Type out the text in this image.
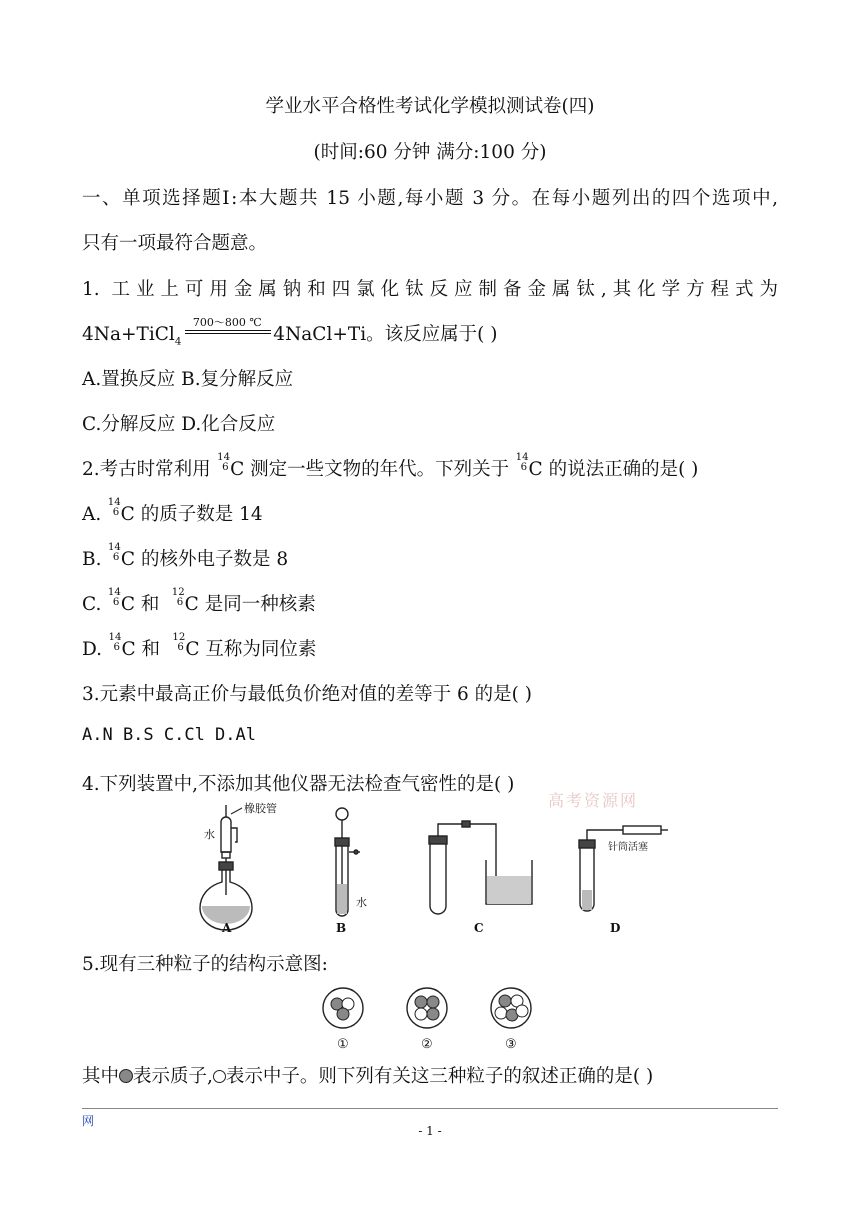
学业水平合格性考试化学模拟测试卷(四)
(时间:60 分钟 满分:100 分)
一、单项选择题Ⅰ:本大题共 15 小题,每小题 3 分。在每小题列出的四个选项中,
只有一项最符合题意。
1. 工业上可用金属钠和四氯化钛反应制备金属钛,其化学方程式为
4Na+TiCl$_4$
700～800 ℃
4NaCl+Ti。该反应属于( )
A.置换反应 B.复分解反应
C.分解反应 D.化合反应
2.考古时常利用
14
6 C 测定一些文物的年代。下列关于
14
6 C 的说法正确的是( )
A.
14
6 C 的质子数是 14
B.
14
6 C 的核外电子数是 8
C.
14
6 C 和
12
6 C 是同一种核素
D.
14
6 C 和
12
6 C 互称为同位素
3.元素中最高正价与最低负价绝对值的差等于 6 的是( )
A.N B.S C.Cl D.Al
4.下列装置中,不添加其他仪器无法检查气密性的是( )
高考资源网
水
橡胶管
A
水
B	C
针筒活塞
D
5.现有三种粒子的结构示意图:
①	②	③
其中 表示质子, 表示中子。则下列有关这三种粒子的叙述正确的是( )
网
- 1 -
